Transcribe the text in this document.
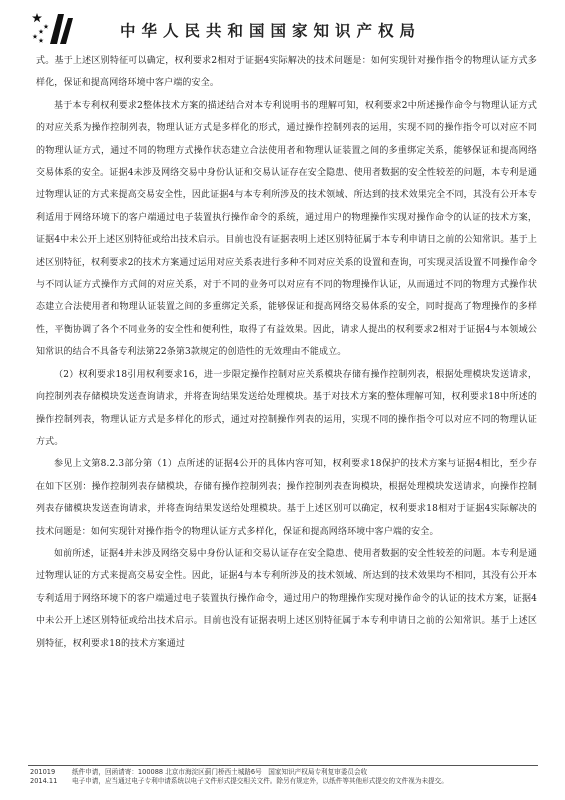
中华人民共和国国家知识产权局

式。基于上述区别特征可以确定，权利要求2相对于证据4实际解决的技术问题是：如何实现针对操作指令的物理认证方式多样化，保证和提高网络环境中客户端的安全。

基于本专利权利要求2整体技术方案的描述结合对本专利说明书的理解可知，权利要求2中所述操作命令与物理认证方式的对应关系为操作控制列表，物理认证方式是多样化的形式，通过操作控制列表的运用，实现不同的操作指令可以对应不同的物理认证方式，通过不同的物理方式操作状态建立合法使用者和物理认证装置之间的多重绑定关系，能够保证和提高网络交易体系的安全。证据4未涉及网络交易中身份认证和交易认证存在安全隐患、使用者数据的安全性较差的问题，本专利是通过物理认证的方式来提高交易安全性，因此证据4与本专利所涉及的技术领域、所达到的技术效果完全不同，其没有公开本专利适用于网络环境下的客户端通过电子装置执行操作命令的系统，通过用户的物理操作实现对操作命令的认证的技术方案，证据4中未公开上述区别特征或给出技术启示。目前也没有证据表明上述区别特征属于本专利申请日之前的公知常识。基于上述区别特征，权利要求2的技术方案通过运用对应关系表进行多种不同对应关系的设置和查询，可实现灵活设置不同操作命令与不同认证方式操作方式间的对应关系，对于不同的业务可以对应有不同的物理操作认证，从而通过不同的物理方式操作状态建立合法使用者和物理认证装置之间的多重绑定关系，能够保证和提高网络交易体系的安全，同时提高了物理操作的多样性，平衡协调了各个不同业务的安全性和便利性，取得了有益效果。因此，请求人提出的权利要求2相对于证据4与本领域公知常识的结合不具备专利法第22条第3款规定的创造性的无效理由不能成立。

（2）权利要求18引用权利要求16，进一步限定操作控制对应关系模块存储有操作控制列表，根据处理模块发送请求，向控制列表存储模块发送查询请求，并将查询结果发送给处理模块。基于对技术方案的整体理解可知，权利要求18中所述的操作控制列表，物理认证方式是多样化的形式，通过对控制操作列表的运用，实现不同的操作指令可以对应不同的物理认证方式。

参见上文第8.2.3部分第（1）点所述的证据4公开的具体内容可知，权利要求18保护的技术方案与证据4相比，至少存在如下区别：操作控制列表存储模块，存储有操作控制列表；操作控制列表查询模块，根据处理模块发送请求，向操作控制列表存储模块发送查询请求，并将查询结果发送给处理模块。基于上述区别可以确定，权利要求18相对于证据4实际解决的技术问题是：如何实现针对操作指令的物理认证方式多样化，保证和提高网络环境中客户端的安全。

如前所述，证据4并未涉及网络交易中身份认证和交易认证存在安全隐患、使用者数据的安全性较差的问题。本专利是通过物理认证的方式来提高交易安全性。因此，证据4与本专利所涉及的技术领域、所达到的技术效果均不相同，其没有公开本专利适用于网络环境下的客户端通过电子装置执行操作命令，通过用户的物理操作实现对操作命令的认证的技术方案，证据4中未公开上述区别特征或给出技术启示。目前也没有证据表明上述区别特征属于本专利申请日之前的公知常识。基于上述区别特征，权利要求18的技术方案通过

201019	纸件申请，回函请寄：100088 北京市海淀区蓟门桥西土城路6号　国家知识产权局专利复审委员会收
2014.11	电子申请，应当通过电子专利申请系统以电子文件形式提交相关文件。除另有规定外，以纸件等其他形式提交的文件视为未提交。
